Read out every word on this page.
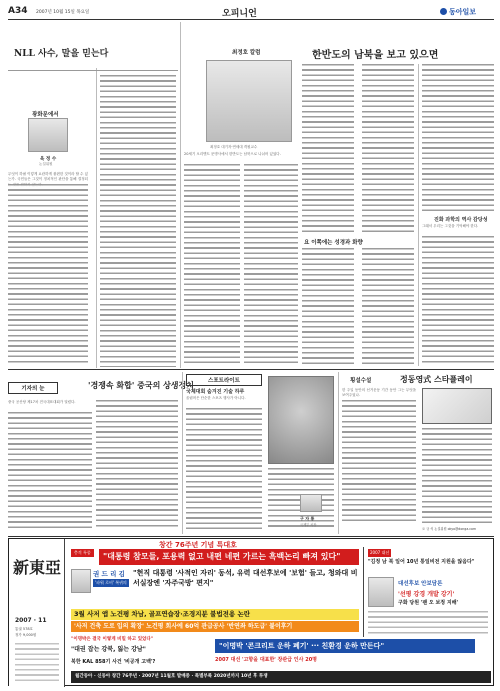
A34 2007년 10월 15일 목요일	오피니언	동아일보
NLL 사수, 말을 믿는다
광화문에서
육 정 수
논설위원
무엇이 하필 이렇게 요란하게 불편한 것이라 할 수 있는가. 국민들은 그것이 정치적인 판단을 통해 결정되
최정호 칼럼	한반도의 남북을 보고 있으면
최정호 대기자·연세대 객원교수
20세기 오리엔트 문명사에서 한반도는 남북으로 나뉘어 있었다.
요 이쪽에는 성경과 화향
진화 과학의 역사 감당성
그래서 우리는 그것을 기억해야 한다.
기자의 눈	'경쟁속 화합' 중국의 상생정치
중국 공산당 제17차 전국대표대회가 열렸다.
스포트라이트
국제대회 숨겨진 기술 하루
올림픽은 단순한 스포츠 행사가 아니다.
구 자 룡
국제부 차장
횡설수설	정동영式 스타플레이
한 주일 동안의 선거운동 기간 동안 그는 무엇을 보여주었나.
오 규 석 논설위원 okyo@donga.com
창간 76주년 기념 특대호
新東亞
2007 · 11
통권 578호
정가 9,000원
충격 특종	"대통령 참모들, 포용력 없고 내편 네편 가르는 흑백논리 빠져 있다"
권 드 리 김
'파워 로비' 복귀의
"현직 대통령 '사적인 자리' 동석, 유력 대선후보에 '보험' 들고, 청와대 비서실장엔 '자주국방' 편지"
3월 사저 앱 노건평 차남, 골프연습장·조경지분 불법전용 논란
'사저 건축 도로 입의 확장' 노건평 회사에 60억 관급공사 '반연좌 하도급' 불이후기
"이명박은 결국 이렇게 비밀 하고 있었다"
"대권 잡는 강북, 잃는 강남"	"이명박 '콘크리트 운하 폐기' ··· 친환경 운하 만든다"
북한 KAL 858기 사건 '비공개 고백'?	2007 대선 '고향을 대표한' 장관급 인사 20명
월간동아 · 신동아 창간 76주년 · 2007년 11월호 발매중 · 특별부록 2020년까지 10년 후 투쟁
2007 대선
"김정 남 북 일어 10년 통일비전 지원을 않음다"
대선후보 안보담론
'선평 강경 개발 강기'
구화 당원 '팬 오 보정 지배'
